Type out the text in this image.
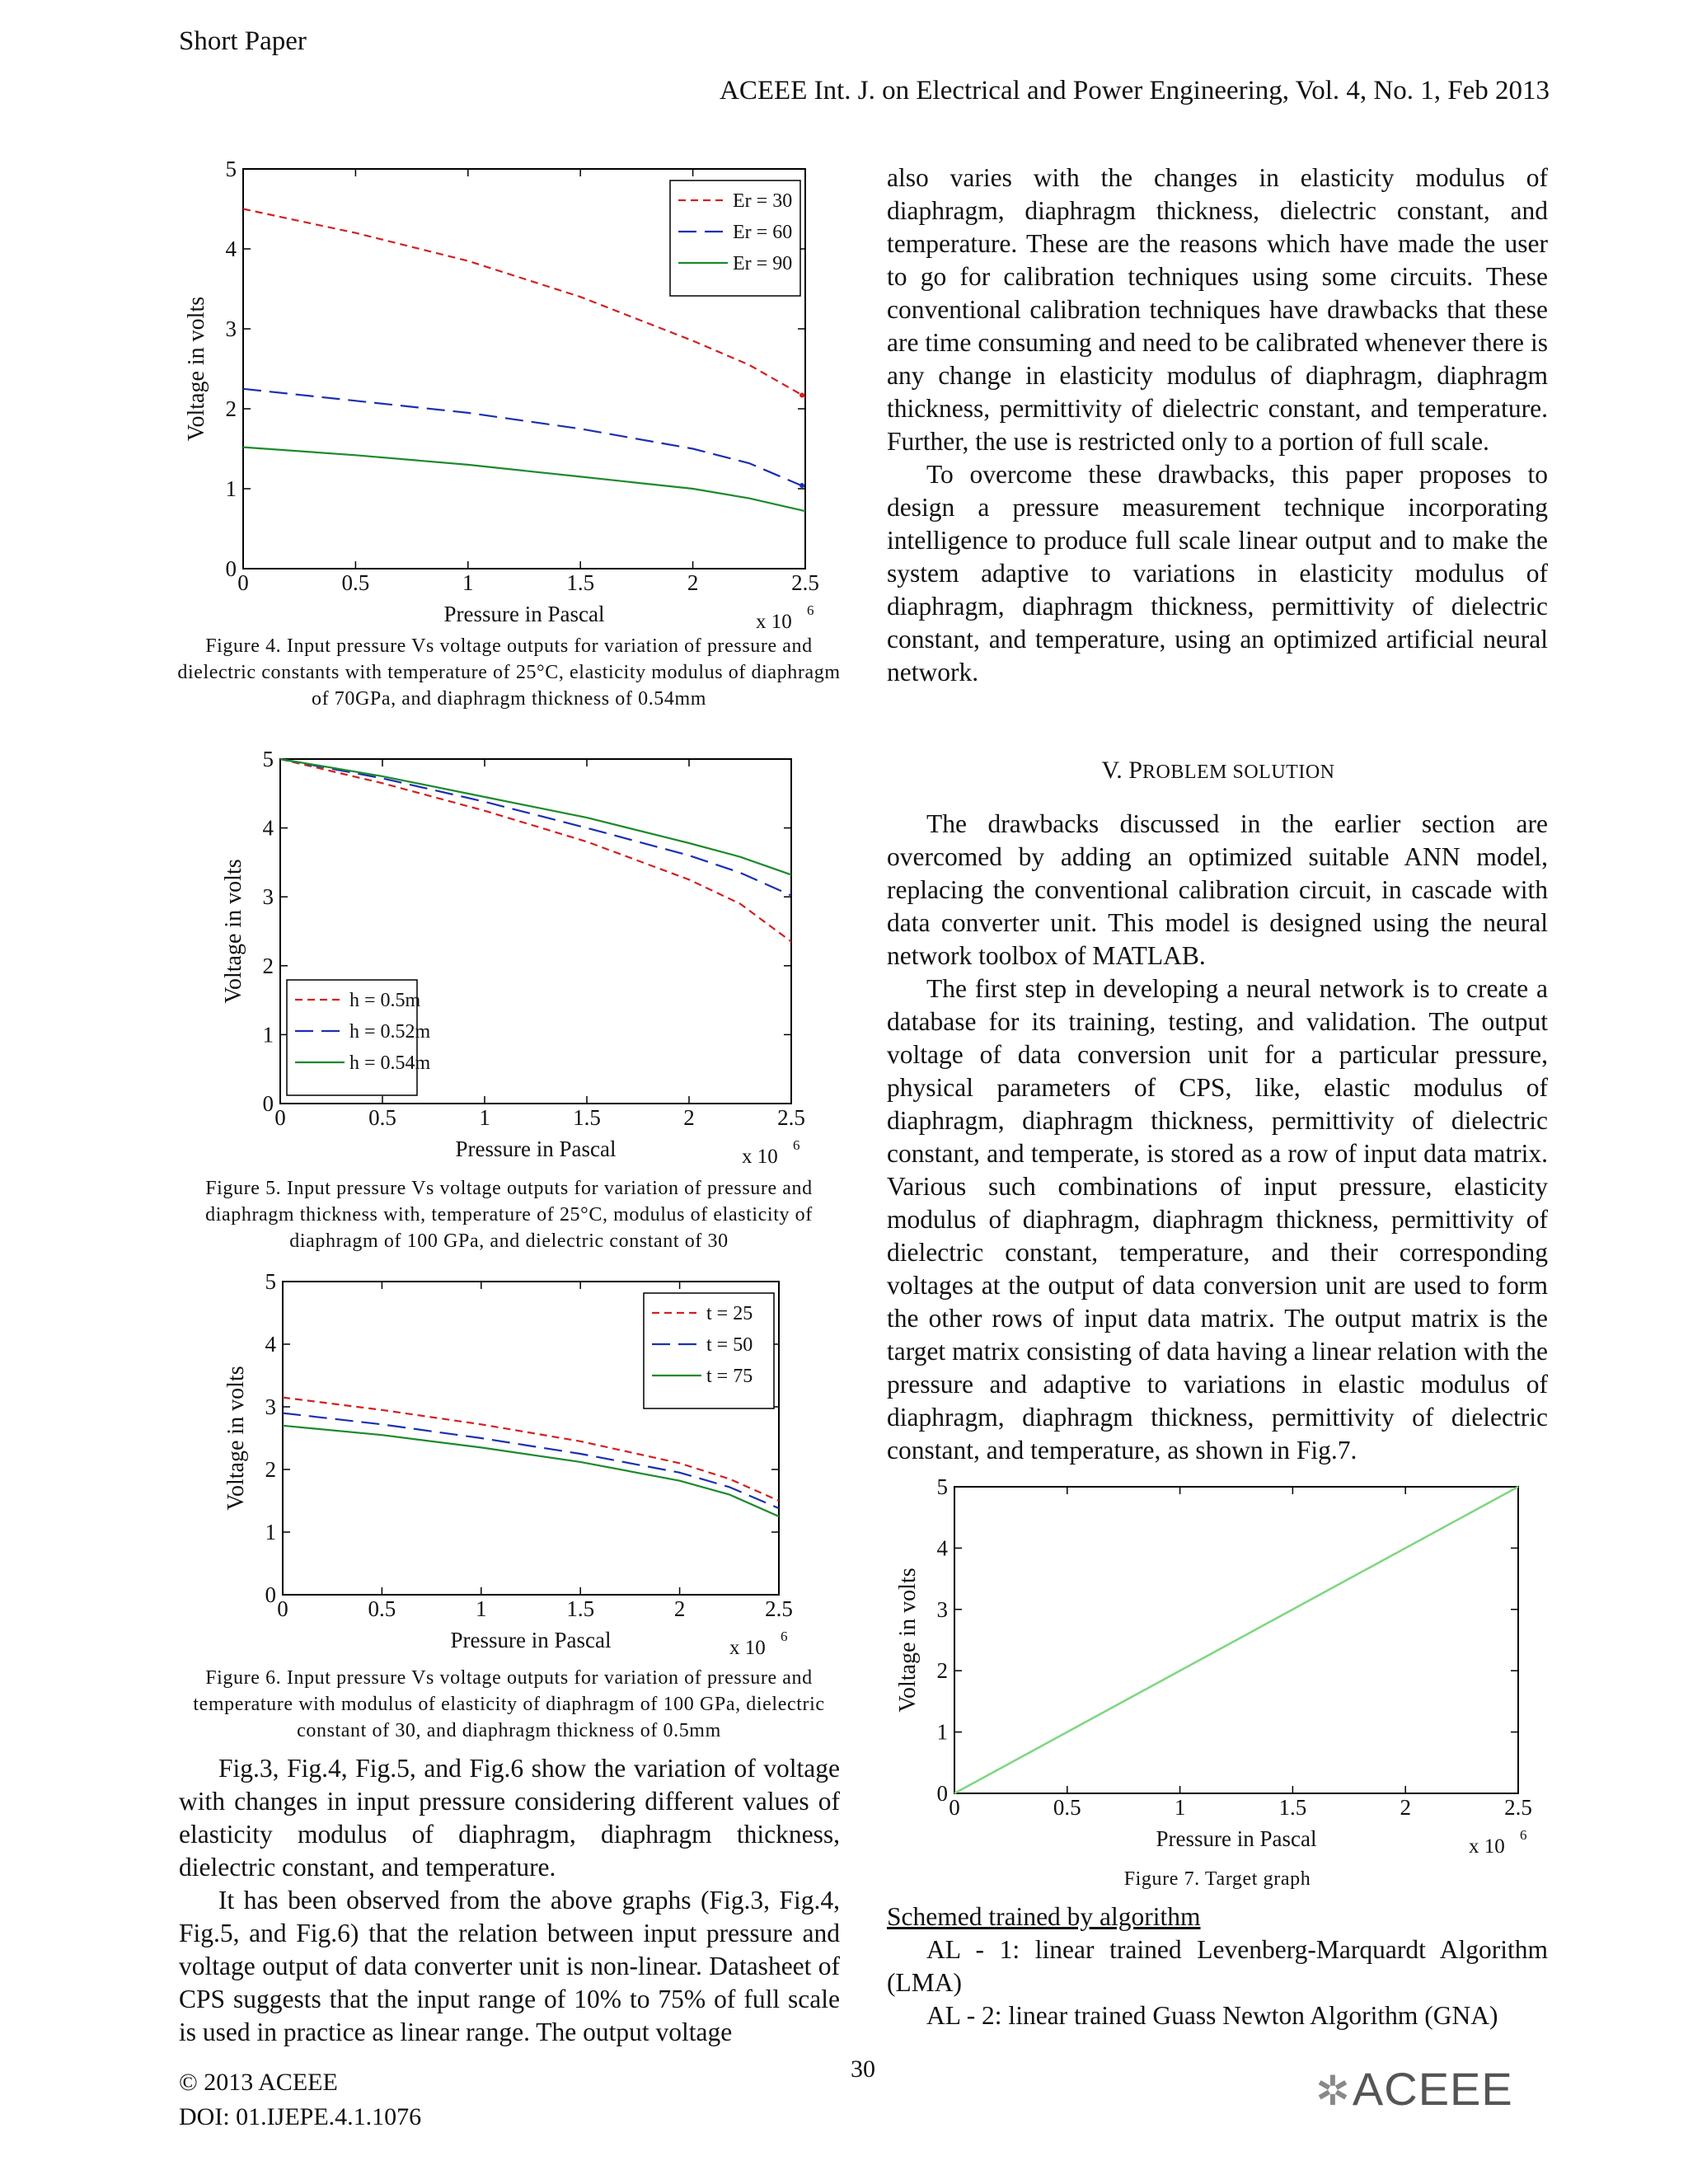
Short Paper
ACEEE Int. J. on Electrical and Power Engineering, Vol. 4, No. 1, Feb 2013
0	0.5	1	1.5	2	2.5
0
1
2
3
4
5
Pressure in Pascal	x 10
6
Voltage in volts
Er = 30
Er = 60
Er = 90
Figure 4. Input pressure Vs voltage outputs for variation of pressure and dielectric constants with temperature of 25°C, elasticity modulus of diaphragm of 70GPa, and diaphragm thickness of 0.54mm
0	0.5	1	1.5	2	2.5
0
1
2
3
4
5
Pressure in Pascal	x 10
6
Voltage in volts	h = 0.5m
h = 0.52m
h = 0.54m
Figure 5. Input pressure Vs voltage outputs for variation of pressure and diaphragm thickness with, temperature of 25°C, modulus of elasticity of diaphragm of 100 GPa, and dielectric constant of 30
0	0.5	1	1.5	2	2.5
0
1
2
3
4
5
Pressure in Pascal	x 10
6
Voltage in volts
t = 25
t = 50
t = 75
Figure 6. Input pressure Vs voltage outputs for variation of pressure and temperature with modulus of elasticity of diaphragm of 100 GPa, dielectric constant of 30, and diaphragm thickness of 0.5mm

Fig.3, Fig.4, Fig.5, and Fig.6 show the variation of voltage with changes in input pressure considering different values of elasticity modulus of diaphragm, diaphragm thickness, dielectric constant, and temperature.

It has been observed from the above graphs (Fig.3, Fig.4, Fig.5, and Fig.6) that the relation between input pressure and voltage output of data converter unit is non-linear. Datasheet of CPS suggests that the input range of 10% to 75% of full scale is used in practice as linear range. The output voltage

also varies with the changes in elasticity modulus of diaphragm, diaphragm thickness, dielectric constant, and temperature. These are the reasons which have made the user to go for calibration techniques using some circuits. These conventional calibration techniques have drawbacks that these are time consuming and need to be calibrated whenever there is any change in elasticity modulus of diaphragm, diaphragm thickness, permittivity of dielectric constant, and temperature. Further, the use is restricted only to a portion of full scale.

To overcome these drawbacks, this paper proposes to design a pressure measurement technique incorporating intelligence to produce full scale linear output and to make the system adaptive to variations in elasticity modulus of diaphragm, diaphragm thickness, permittivity of dielectric constant, and temperature, using an optimized artificial neural network.

V. PROBLEM SOLUTION

The drawbacks discussed in the earlier section are overcomed by adding an optimized suitable ANN model, replacing the conventional calibration circuit, in cascade with data converter unit. This model is designed using the neural network toolbox of MATLAB.

The first step in developing a neural network is to create a database for its training, testing, and validation. The output voltage of data conversion unit for a particular pressure, physical parameters of CPS, like, elastic modulus of diaphragm, diaphragm thickness, permittivity of dielectric constant, and temperate, is stored as a row of input data matrix. Various such combinations of input pressure, elasticity modulus of diaphragm, diaphragm thickness, permittivity of dielectric constant, temperature, and their corresponding voltages at the output of data conversion unit are used to form the other rows of input data matrix. The output matrix is the target matrix consisting of data having a linear relation with the pressure and adaptive to variations in elastic modulus of diaphragm, diaphragm thickness, permittivity of dielectric constant, and temperature, as shown in Fig.7.

0	0.5	1	1.5	2	2.5
0
1
2
3
4
5
Pressure in Pascal	x 10
6
Voltage in volts
Figure 7. Target graph

Schemed trained by algorithm

AL - 1: linear trained Levenberg-Marquardt Algorithm (LMA)

AL - 2: linear trained Guass Newton Algorithm (GNA)

© 2013 ACEEE
DOI: 01.IJEPE.4.1.1076
30	✲ACEEE
